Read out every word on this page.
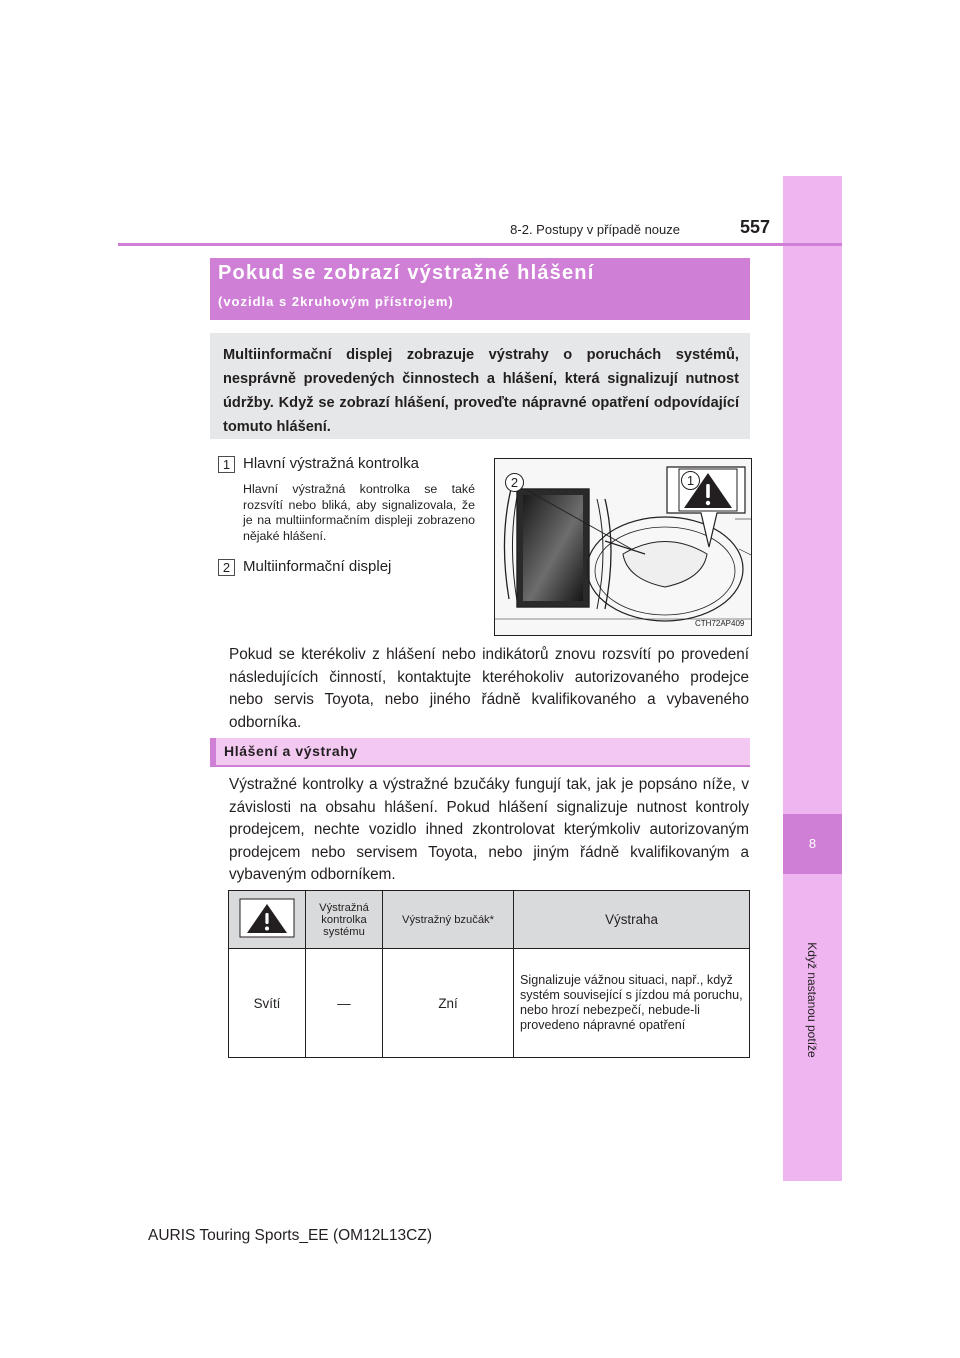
8
Když nastanou potíže
8-2. Postupy v případě nouze	557
Pokud se zobrazí výstražné hlášení
(vozidla s 2kruhovým přístrojem)
Multiinformační displej zobrazuje výstrahy o poruchách systémů, nesprávně provedených činnostech a hlášení, která signalizují nutnost údržby. Když se zobrazí hlášení, proveďte nápravné opatření odpovídající tomuto hlášení.
1 Hlavní výstražná kontrolka
Hlavní výstražná kontrolka se také rozsvítí nebo bliká, aby signalizovala, že je na multiinformačním displeji zobrazeno nějaké hlášení.
2 Multiinformační displej
2	1
CTH72AP409
Pokud se kterékoliv z hlášení nebo indikátorů znovu rozsvítí po provedení následujících činností, kontaktujte kteréhokoliv autorizovaného prodejce nebo servis Toyota, nebo jiného řádně kvalifikovaného a vybaveného odborníka.
Hlášení a výstrahy
Výstražné kontrolky a výstražné bzučáky fungují tak, jak je popsáno níže, v závislosti na obsahu hlášení. Pokud hlášení signalizuje nutnost kontroly prodejcem, nechte vozidlo ihned zkontrolovat kterýmkoliv autorizovaným prodejcem nebo servisem Toyota, nebo jiným řádně kvalifikovaným a vybaveným odborníkem.
	Výstražná kontrolka systému	Výstražný bzučák*	Výstraha
Svítí	—	Zní	Signalizuje vážnou situaci, např., když systém související s jízdou má poruchu, nebo hrozí nebezpečí, nebude-li provedeno nápravné opatření
AURIS Touring Sports_EE (OM12L13CZ)
